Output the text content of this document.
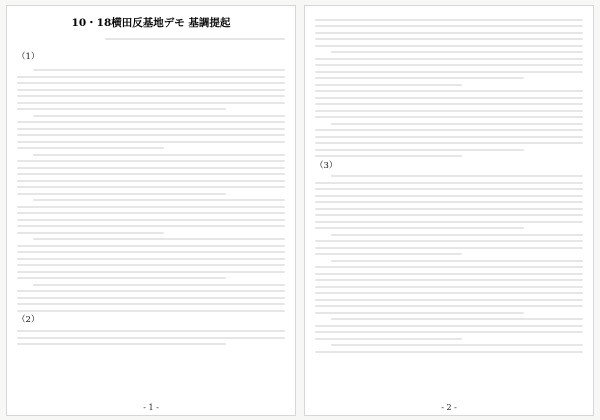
10・18横田反基地デモ 基調提起
（1）
（2）
- 1 -
（3）
- 2 -
